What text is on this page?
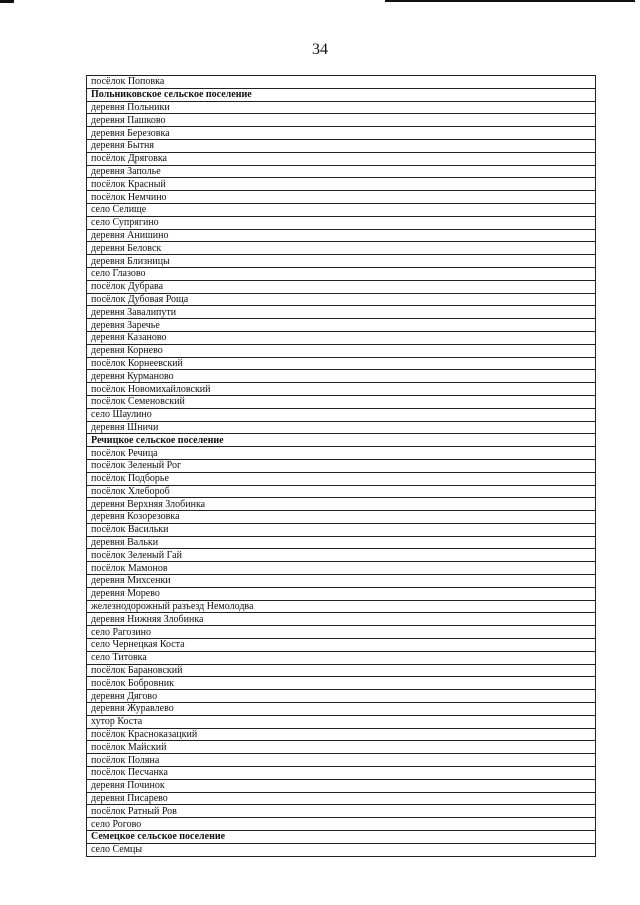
34
посёлок Поповка
Польниковское сельское поселение
деревня Польники
деревня Пашково
деревня Березовка
деревня Бытня
посёлок Дряговка
деревня Заполье
посёлок Красный
посёлок Немчино
село Селище
село Супрягино
деревня Анишино
деревня Беловск
деревня Близницы
село Глазово
посёлок Дубрава
посёлок Дубовая Роща
деревня Завалипути
деревня Заречье
деревня Казаново
деревня Корнево
посёлок Корнеевский
деревня Курманово
посёлок Новомихайловский
посёлок Семеновский
село Шаулино
деревня Шничи
Речицкое сельское поселение
посёлок Речица
посёлок Зеленый Рог
посёлок Подборье
посёлок Хлебороб
деревня Верхняя Злобинка
деревня Козорезовка
посёлок Васильки
деревня Вальки
посёлок Зеленый Гай
посёлок Мамонов
деревня Михсенки
деревня Морево
железнодорожный разъезд Немолодва
деревня Нижняя Злобинка
село Рагозино
село Чернецкая Коста
село Титовка
посёлок Барановский
посёлок Бобровник
деревня Дягово
деревня Журавлево
хутор Коста
посёлок Красноказацкий
посёлок Майский
посёлок Поляна
посёлок Песчанка
деревня Починок
деревня Писарево
посёлок Ратный Ров
село Рогово
Семецкое сельское поселение
село Семцы
